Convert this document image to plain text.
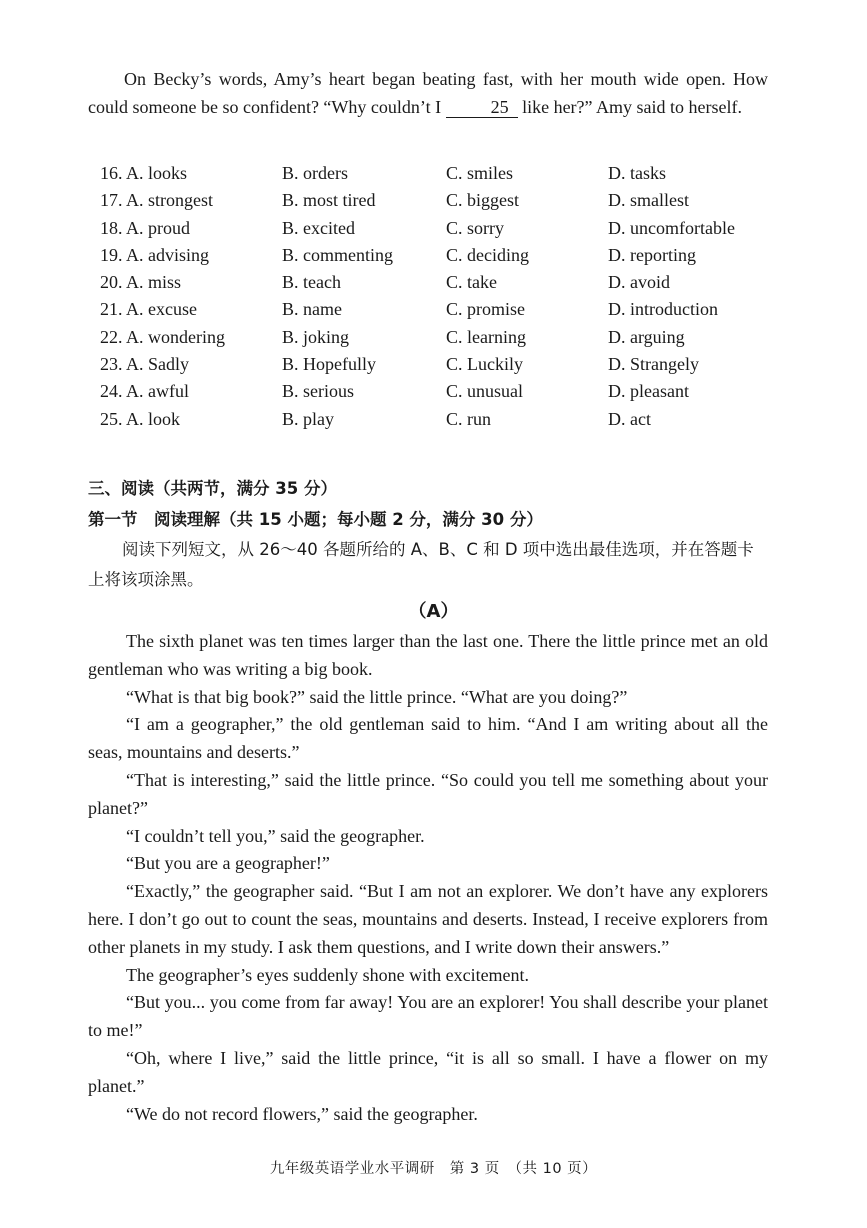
On Becky’s words, Amy’s heart began beating fast, with her mouth wide open. How could someone be so confident? “Why couldn’t I	25 like her?” Amy said to herself.

16. A. looks	B. orders	C. smiles	D. tasks
17. A. strongest	B. most tired	C. biggest	D. smallest
18. A. proud	B. excited	C. sorry	D. uncomfortable
19. A. advising	B. commenting	C. deciding	D. reporting
20. A. miss	B. teach	C. take	D. avoid
21. A. excuse	B. name	C. promise	D. introduction
22. A. wondering	B. joking	C. learning	D. arguing
23. A. Sadly	B. Hopefully	C. Luckily	D. Strangely
24. A. awful	B. serious	C. unusual	D. pleasant
25. A. look	B. play	C. run	D. act

三、阅读（共两节，满分 35 分）

第一节　阅读理解（共 15 小题；每小题 2 分，满分 30 分）

阅读下列短文，从 26～40 各题所给的 A、B、C 和 D 项中选出最佳选项，并在答题卡上将该项涂黑。

（A）

The sixth planet was ten times larger than the last one. There the little prince met an old gentleman who was writing a big book.

“What is that big book?” said the little prince. “What are you doing?”

“I am a geographer,” the old gentleman said to him. “And I am writing about all the seas, mountains and deserts.”

“That is interesting,” said the little prince. “So could you tell me something about your planet?”

“I couldn’t tell you,” said the geographer.

“But you are a geographer!”

“Exactly,” the geographer said. “But I am not an explorer. We don’t have any explorers here. I don’t go out to count the seas, mountains and deserts. Instead, I receive explorers from other planets in my study. I ask them questions, and I write down their answers.”

The geographer’s eyes suddenly shone with excitement.

“But you... you come from far away! You are an explorer! You shall describe your planet to me!”

“Oh, where I live,” said the little prince, “it is all so small. I have a flower on my planet.”

“We do not record flowers,” said the geographer.

九年级英语学业水平调研　第 3 页　（共 10 页）
